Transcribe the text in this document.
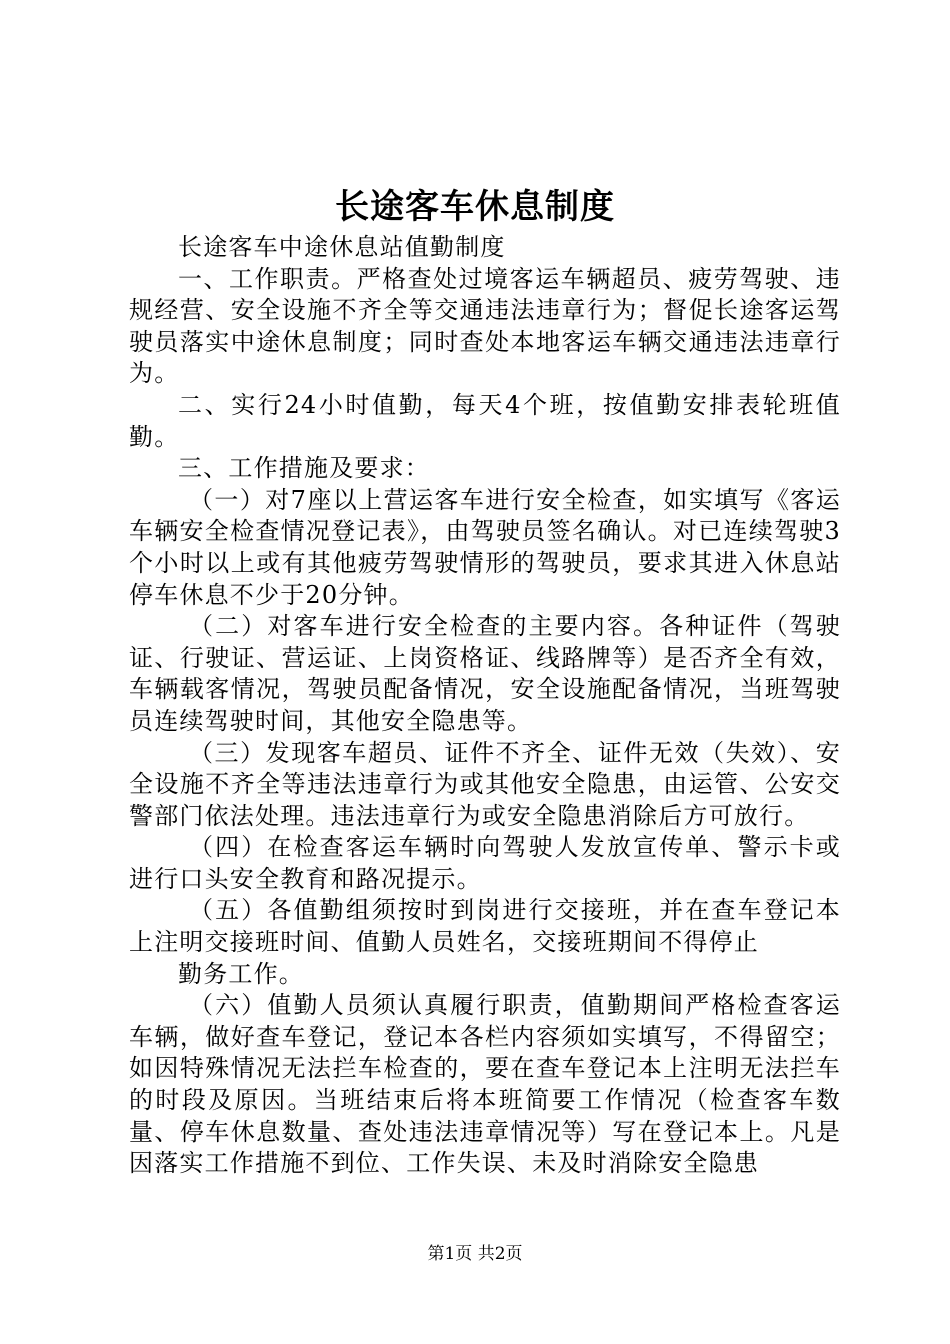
长途客车休息制度

长途客车中途休息站值勤制度

一、工作职责。严格查处过境客运车辆超员、疲劳驾驶、违规经营、安全设施不齐全等交通违法违章行为；督促长途客运驾驶员落实中途休息制度；同时查处本地客运车辆交通违法违章行为。

二、实行24小时值勤，每天4个班，按值勤安排表轮班值勤。

三、工作措施及要求：

（一）对7座以上营运客车进行安全检查，如实填写《客运车辆安全检查情况登记表》，由驾驶员签名确认。对已连续驾驶3个小时以上或有其他疲劳驾驶情形的驾驶员，要求其进入休息站停车休息不少于20分钟。

（二）对客车进行安全检查的主要内容。各种证件（驾驶证、行驶证、营运证、上岗资格证、线路牌等）是否齐全有效，车辆载客情况，驾驶员配备情况，安全设施配备情况，当班驾驶员连续驾驶时间，其他安全隐患等。

（三）发现客车超员、证件不齐全、证件无效（失效）、安全设施不齐全等违法违章行为或其他安全隐患，由运管、公安交警部门依法处理。违法违章行为或安全隐患消除后方可放行。

（四）在检查客运车辆时向驾驶人发放宣传单、警示卡或进行口头安全教育和路况提示。

（五）各值勤组须按时到岗进行交接班，并在查车登记本上注明交接班时间、值勤人员姓名，交接班期间不得停止

勤务工作。

（六）值勤人员须认真履行职责，值勤期间严格检查客运车辆，做好查车登记，登记本各栏内容须如实填写，不得留空；如因特殊情况无法拦车检查的，要在查车登记本上注明无法拦车的时段及原因。当班结束后将本班简要工作情况（检查客车数量、停车休息数量、查处违法违章情况等）写在登记本上。凡是因落实工作措施不到位、工作失误、未及时消除安全隐患

第1页 共2页
